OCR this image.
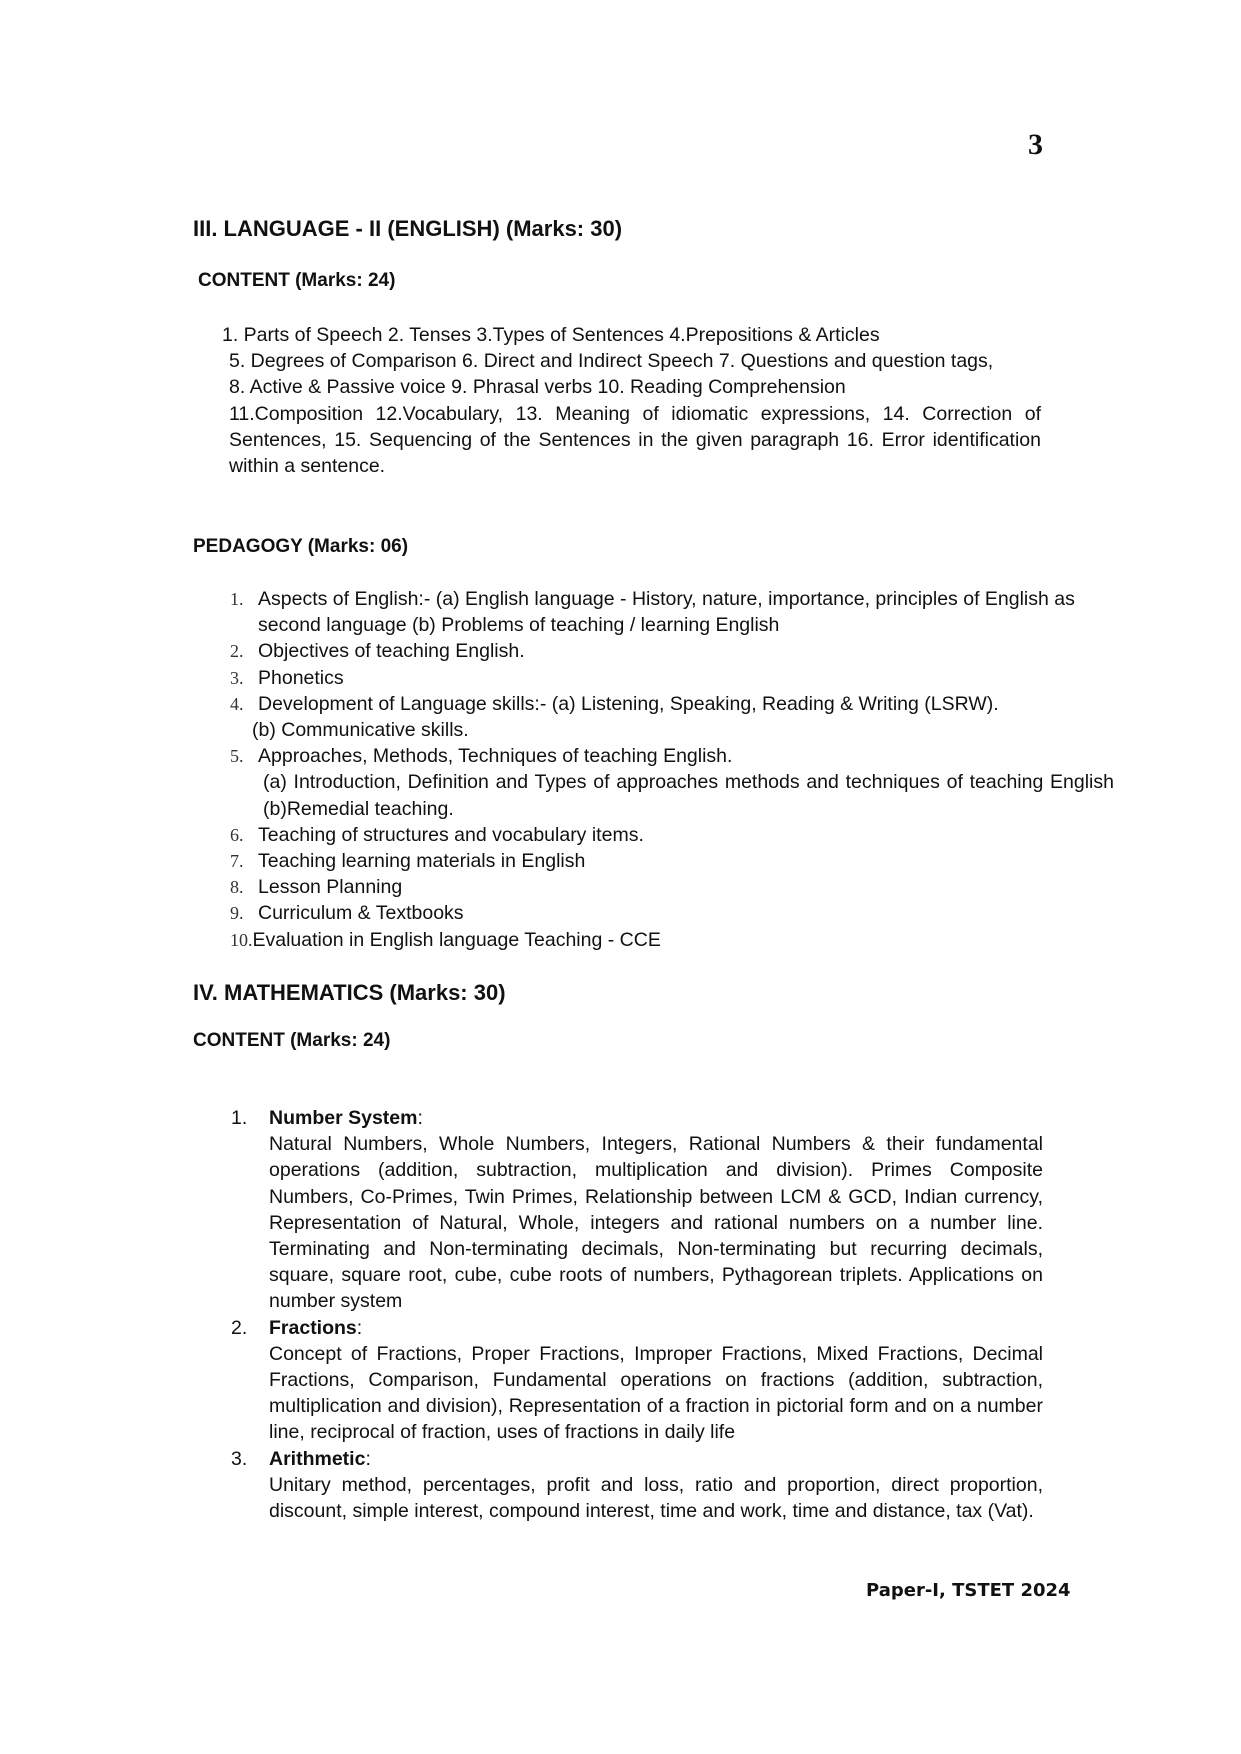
3
III. LANGUAGE - II (ENGLISH) (Marks: 30)
CONTENT (Marks: 24)
1. Parts of Speech 2. Tenses 3.Types of Sentences 4.Prepositions & Articles
5. Degrees of Comparison 6. Direct and Indirect Speech 7. Questions and question tags,
8. Active & Passive voice 9. Phrasal verbs 10. Reading Comprehension
11.Composition 12.Vocabulary, 13. Meaning of idiomatic expressions, 14. Correction of Sentences, 15. Sequencing of the Sentences in the given paragraph 16. Error identification within a sentence.
PEDAGOGY (Marks: 06)
1. Aspects of English:- (a) English language - History, nature, importance, principles of English as second language (b) Problems of teaching / learning English
2. Objectives of teaching English.
3. Phonetics
4. Development of Language skills:- (a) Listening, Speaking, Reading & Writing (LSRW).
(b) Communicative skills.
5. Approaches, Methods, Techniques of teaching English.
(a) Introduction, Definition and Types of approaches methods and techniques of teaching English (b)Remedial teaching.
6. Teaching of structures and vocabulary items.
7. Teaching learning materials in English
8. Lesson Planning
9. Curriculum & Textbooks
10.Evaluation in English language Teaching - CCE
IV. MATHEMATICS (Marks: 30)
CONTENT (Marks: 24)
1. Number System:
Natural Numbers, Whole Numbers, Integers, Rational Numbers & their fundamental operations (addition, subtraction, multiplication and division). Primes Composite Numbers, Co-Primes, Twin Primes, Relationship between LCM & GCD, Indian currency, Representation of Natural, Whole, integers and rational numbers on a number line. Terminating and Non-terminating decimals, Non-terminating but recurring decimals, square, square root, cube, cube roots of numbers, Pythagorean triplets. Applications on number system
2. Fractions:
Concept of Fractions, Proper Fractions, Improper Fractions, Mixed Fractions, Decimal Fractions, Comparison, Fundamental operations on fractions (addition, subtraction, multiplication and division), Representation of a fraction in pictorial form and on a number line, reciprocal of fraction, uses of fractions in daily life
3. Arithmetic:
Unitary method, percentages, profit and loss, ratio and proportion, direct proportion, discount, simple interest, compound interest, time and work, time and distance, tax (Vat).
Paper-I, TSTET 2024
